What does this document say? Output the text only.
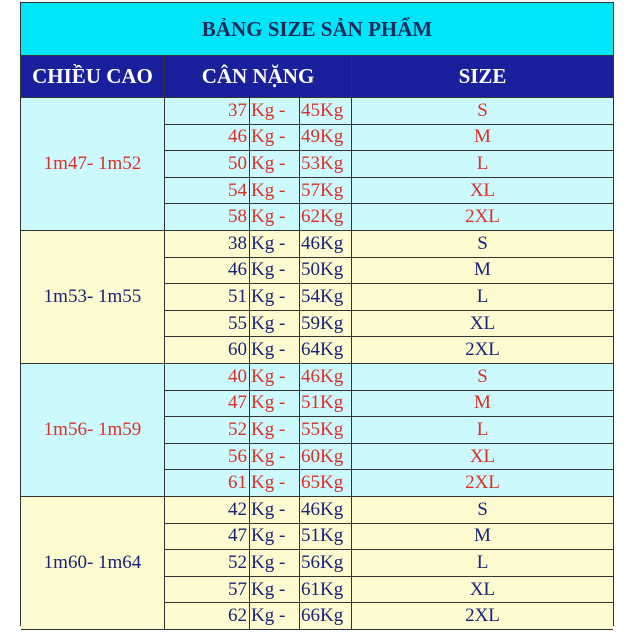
BẢNG SIZE SẢN PHẨM
CHIỀU CAO	CÂN NẶNG	SIZE
1m47- 1m52
37 Kg - 45 Kg	S
46 Kg - 49 Kg	M
50 Kg - 53 Kg	L
54 Kg - 57 Kg	XL
58 Kg - 62 Kg	2XL
1m53- 1m55
38 Kg - 46 Kg	S
46 Kg - 50 Kg	M
51 Kg - 54 Kg	L
55 Kg - 59 Kg	XL
60 Kg - 64 Kg	2XL
1m56- 1m59
40 Kg - 46 Kg	S
47 Kg - 51 Kg	M
52 Kg - 55 Kg	L
56 Kg - 60 Kg	XL
61 Kg - 65 Kg	2XL
1m60- 1m64
42 Kg - 46 Kg	S
47 Kg - 51 Kg	M
52 Kg - 56 Kg	L
57 Kg - 61 Kg	XL
62 Kg - 66 Kg	2XL
